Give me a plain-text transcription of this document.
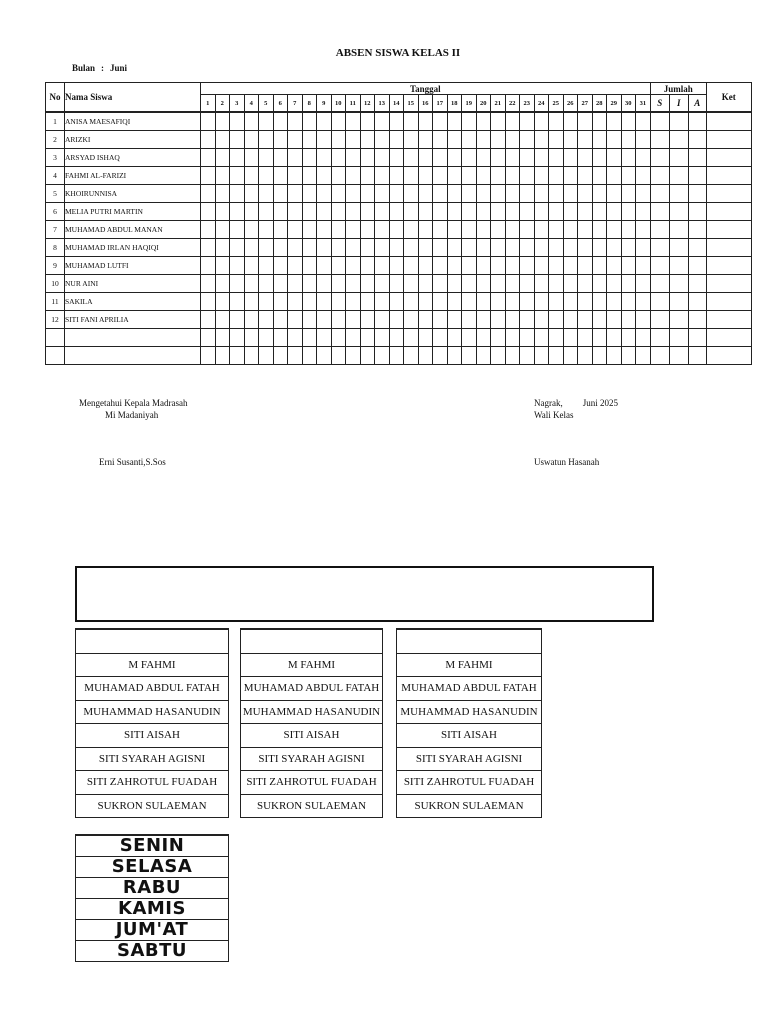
ABSEN SISWA KELAS II
Bulan : Juni
No	Nama Siswa	Tanggal																															Jumlah			Ket
		1	2	3	4	5	6	7	8	9	10	11	12	13	14	15	16	17	18	19	20	21	22	23	24	25	26	27	28	29	30	31	S	I	A	
1	ANISA MAESAFIQI																																			
2	ARIZKI																																			
3	ARSYAD ISHAQ																																			
4	FAHMI AL-FARIZI																																			
5	KHOIRUNNISA																																			
6	MELIA PUTRI MARTIN																																			
7	MUHAMAD ABDUL MANAN																																			
8	MUHAMAD IRLAN HAQIQI																																			
9	MUHAMAD LUTFI																																			
10	NUR AINI																																			
11	SAKILA																																			
12	SITI FANI APRILIA																																			

Mengetahui Kepala Madrasah
Mi Madaniyah
Erni Susanti,S.Sos
Nagrak, Juni 2025
Wali Kelas
Uswatun Hasanah

M FAHMI
MUHAMAD ABDUL FATAH
MUHAMMAD HASANUDIN
SITI AISAH
SITI SYARAH AGISNI
SITI ZAHROTUL FUADAH
SUKRON SULAEMAN

M FAHMI
MUHAMAD ABDUL FATAH
MUHAMMAD HASANUDIN
SITI AISAH
SITI SYARAH AGISNI
SITI ZAHROTUL FUADAH
SUKRON SULAEMAN

M FAHMI
MUHAMAD ABDUL FATAH
MUHAMMAD HASANUDIN
SITI AISAH
SITI SYARAH AGISNI
SITI ZAHROTUL FUADAH
SUKRON SULAEMAN
SENIN
SELASA
RABU
KAMIS
JUM'AT
SABTU
